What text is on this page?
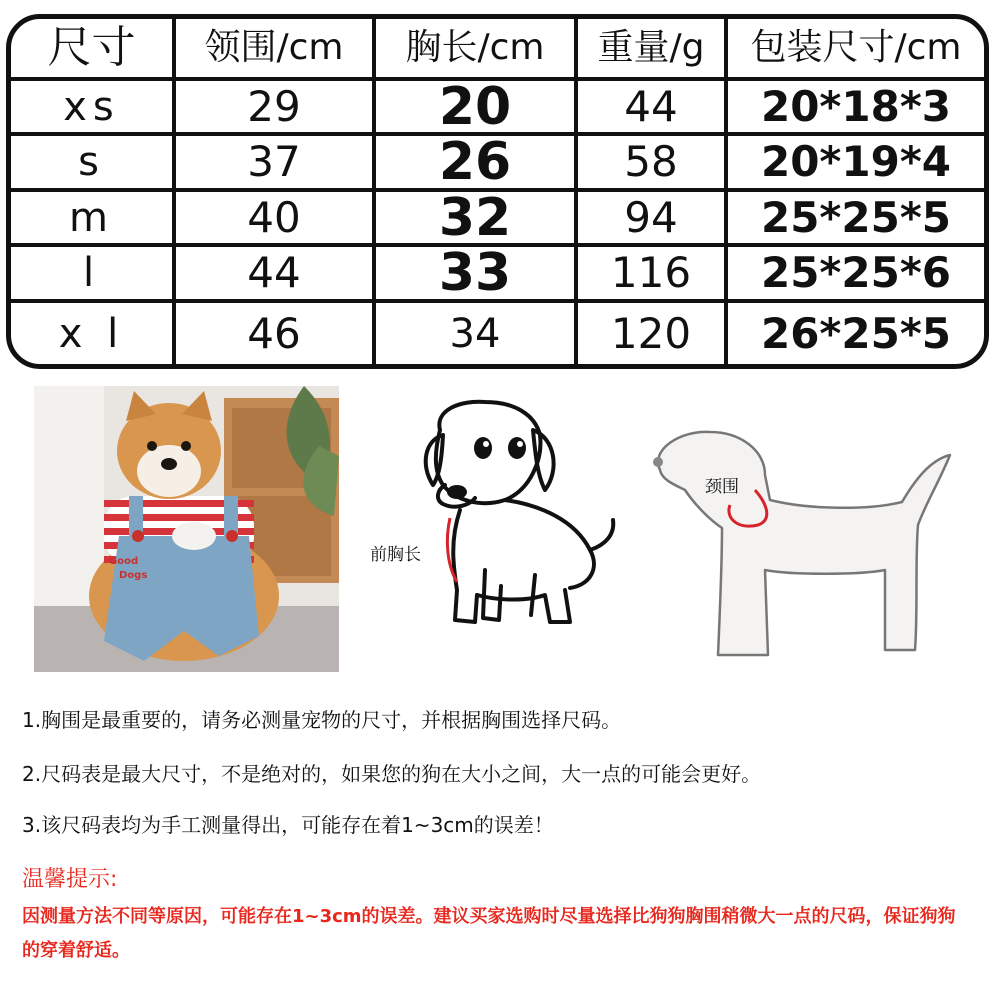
尺寸	领围/cm	胸长/cm	重量/g	包装尺寸/cm
xs	29	20	44	20*18*3
s	37	26	58	20*19*4
m	40	32	94	25*25*5
l	44	33	116	25*25*6
x l	46	34	120	26*25*5
Good
Dogs
前胸长
颈围
1.胸围是最重要的，请务必测量宠物的尺寸，并根据胸围选择尺码。
2.尺码表是最大尺寸，不是绝对的，如果您的狗在大小之间，大一点的可能会更好。
3.该尺码表均为手工测量得出，可能存在着1~3cm的误差！
温馨提示:
因测量方法不同等原因，可能存在1~3cm的误差。建议买家选购时尽量选择比狗狗胸围稍微大一点的尺码，保证狗狗的穿着舒适。
